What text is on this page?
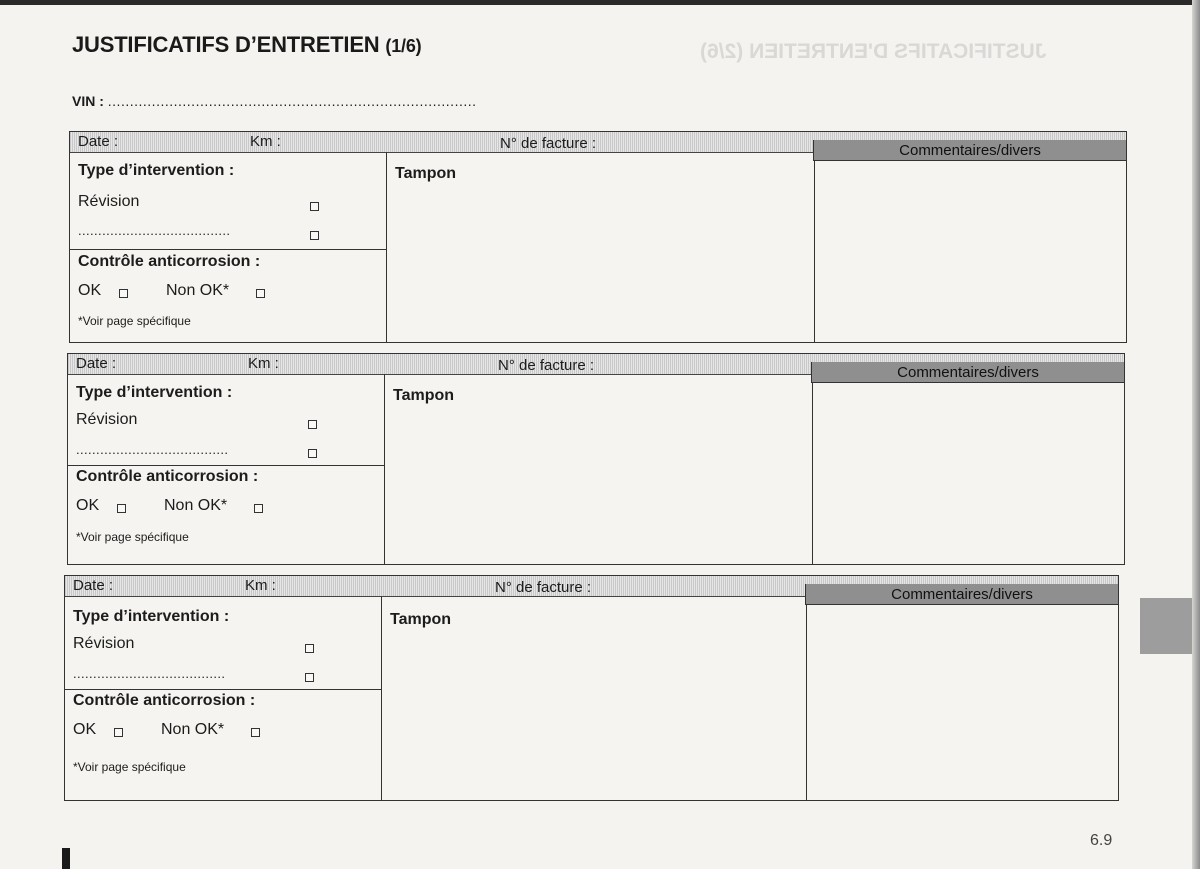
JUSTIFICATIFS D'ENTRETIEN (2/6)
JUSTIFICATIFS D’ENTRETIEN (1/6)
VIN : ....................................................................................
Date :	Km :	N° de facture :	Commentaires/divers
Type d’intervention :
Révision
......................................
Contrôle anticorrosion :
OK	Non OK*
*Voir page spécifique
Tampon
Date :	Km :	N° de facture :	Commentaires/divers
Type d’intervention :
Révision
......................................
Contrôle anticorrosion :
OK	Non OK*
*Voir page spécifique
Tampon
Date :	Km :	N° de facture :	Commentaires/divers
Type d’intervention :
Révision
......................................
Contrôle anticorrosion :
OK	Non OK*
*Voir page spécifique
Tampon
6.9
